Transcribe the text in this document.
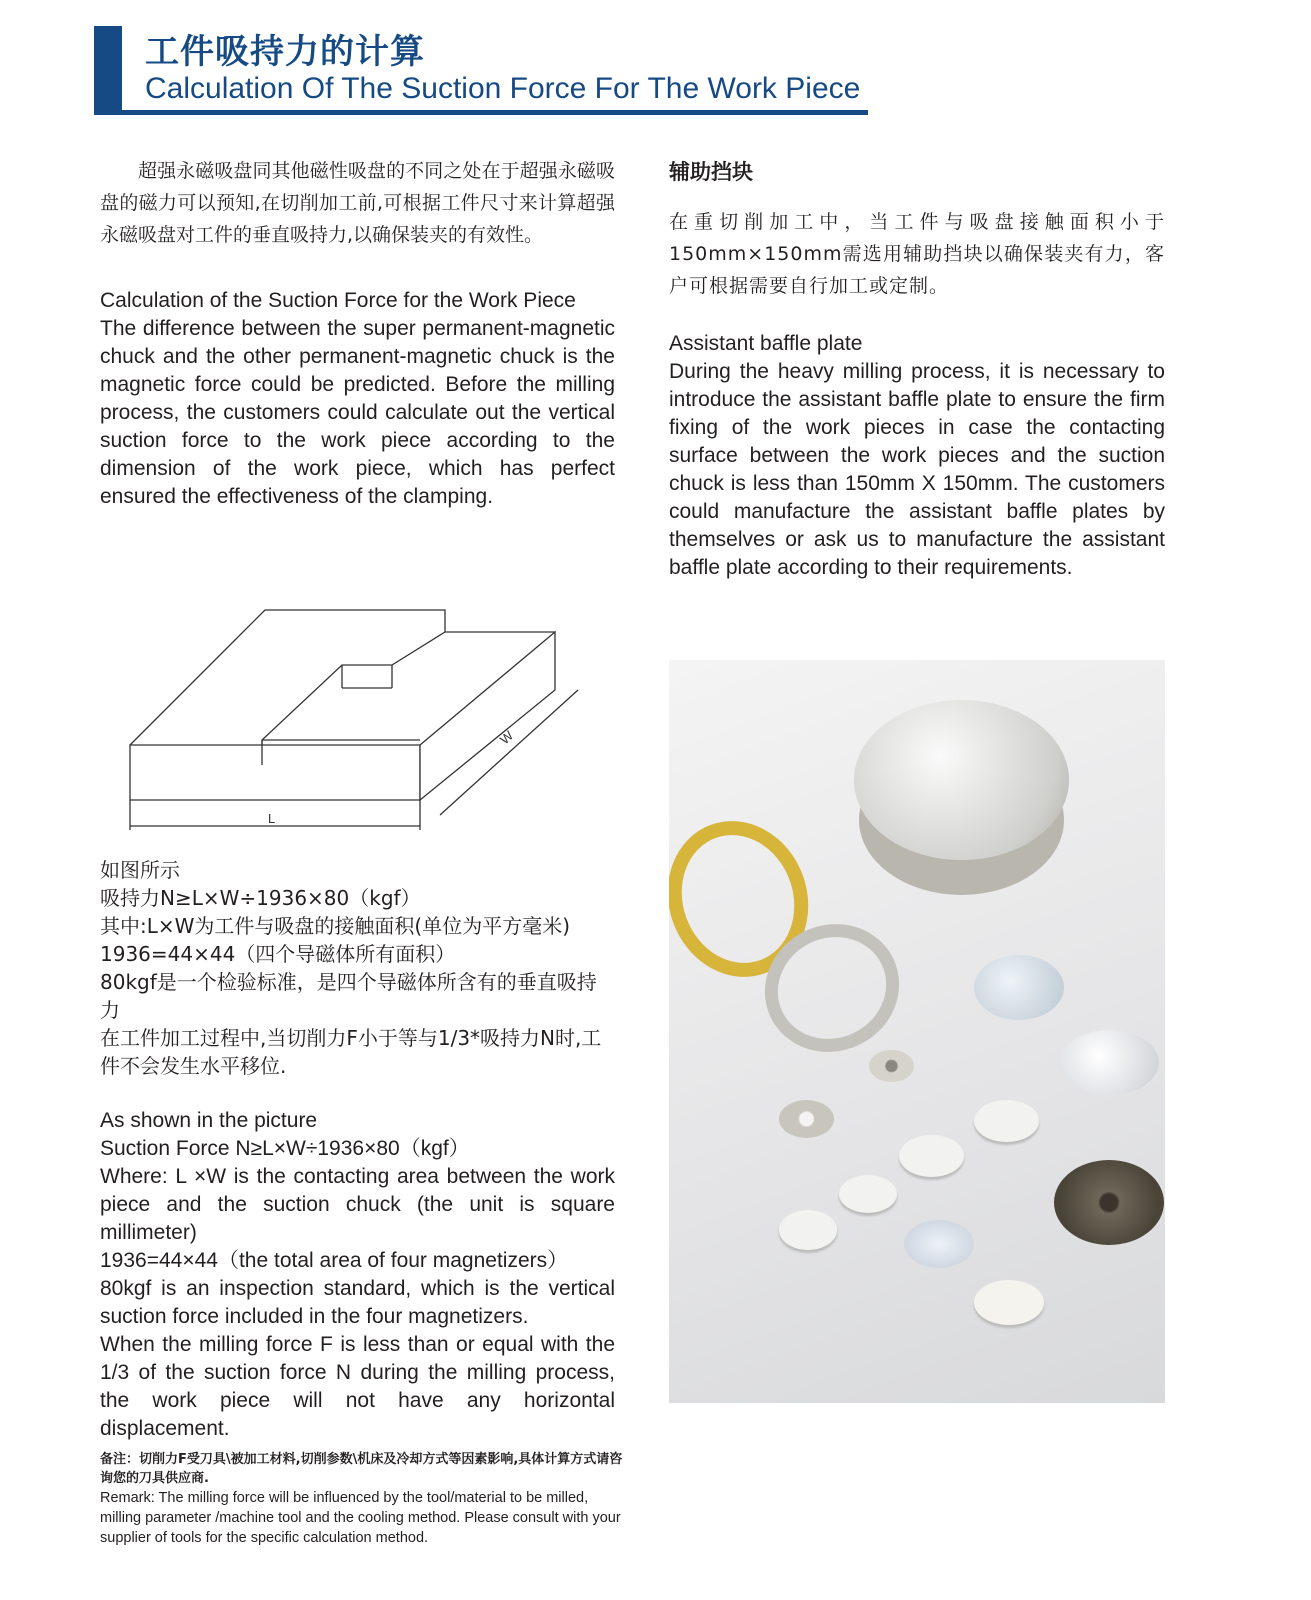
工件吸持力的计算
Calculation Of The Suction Force For The Work Piece
超强永磁吸盘同其他磁性吸盘的不同之处在于超强永磁吸盘的磁力可以预知,在切削加工前,可根据工件尺寸来计算超强永磁吸盘对工件的垂直吸持力,以确保装夹的有效性。
Calculation of the Suction Force for the Work Piece
The difference between the super permanent-magnetic chuck and the other permanent-magnetic chuck is the magnetic force could be predicted. Before the milling process, the customers could calculate out the vertical suction force to the work piece according to the dimension of the work piece, which has perfect ensured the effectiveness of the clamping.
L
W
如图所示
吸持力N≥L×W÷1936×80（kgf）
其中:L×W为工件与吸盘的接触面积(单位为平方毫米)
1936=44×44（四个导磁体所有面积）
80kgf是一个检验标准，是四个导磁体所含有的垂直吸持力
在工件加工过程中,当切削力F小于等与1/3*吸持力N时,工件不会发生水平移位.
As shown in the picture
Suction Force N≥L×W÷1936×80（kgf）
Where: L ×W is the contacting area between the work piece and the suction chuck (the unit is square millimeter)
1936=44×44（the total area of four magnetizers）
80kgf is an inspection standard, which is the vertical suction force included in the four magnetizers.
When the milling force F is less than or equal with the 1/3 of the suction force N during the milling process, the work piece will not have any horizontal displacement.
备注：切削力F受刀具\被加工材料,切削参数\机床及冷却方式等因素影响,具体计算方式请咨询您的刀具供应商.
Remark: The milling force will be influenced by the tool/material to be milled, milling parameter /machine tool and the cooling method. Please consult with your supplier of tools for the specific calculation method.
辅助挡块
在重切削加工中，当工件与吸盘接触面积小于150mm×150mm需选用辅助挡块以确保装夹有力，客户可根据需要自行加工或定制。
Assistant baffle plate
During the heavy milling process, it is necessary to introduce the assistant baffle plate to ensure the firm fixing of the work pieces in case the contacting surface between the work pieces and the suction chuck is less than 150mm X 150mm. The customers could manufacture the assistant baffle plates by themselves or ask us to manufacture the assistant baffle plate according to their requirements.
